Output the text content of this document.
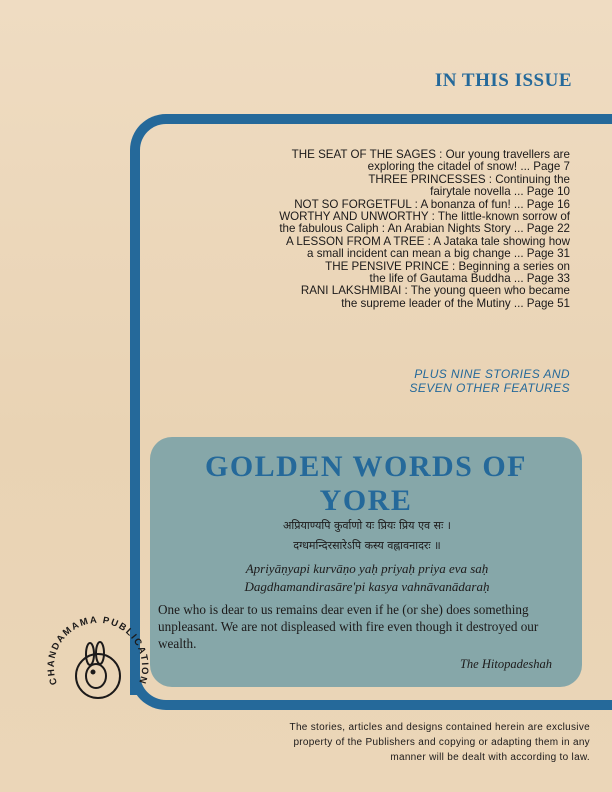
IN THIS ISSUE
THE SEAT OF THE SAGES : Our young travellers are
exploring the citadel of snow! ... Page 7
THREE PRINCESSES : Continuing the
fairytale novella ... Page 10
NOT SO FORGETFUL : A bonanza of fun! ... Page 16
WORTHY AND UNWORTHY : The little-known sorrow of
the fabulous Caliph : An Arabian Nights Story ... Page 22
A LESSON FROM A TREE : A Jataka tale showing how
a small incident can mean a big change ... Page 31
THE PENSIVE PRINCE : Beginning a series on
the life of Gautama Buddha ... Page 33
RANI LAKSHMIBAI : The young queen who became
the supreme leader of the Mutiny ... Page 51
PLUS NINE STORIES AND
SEVEN OTHER FEATURES
GOLDEN WORDS OF YORE
अप्रियाण्यपि कुर्वाणो यः प्रियः प्रिय एव सः ।
दग्धमन्दिरसारेऽपि कस्य वह्नावनादरः ॥
Apriyāṇyapi kurvāṇo yaḥ priyaḥ priya eva saḥ
Dagdhamandirasāre'pi kasya vahnāvanādaraḥ
One who is dear to us remains dear even if he (or she) does something unpleasant. We are not displeased with fire even though it destroyed our wealth.
The Hitopadeshah
CHANDAMAMA PUBLICATION
The stories, articles and designs contained herein are exclusive
property of the Publishers and copying or adapting them in any
manner will be dealt with according to law.
